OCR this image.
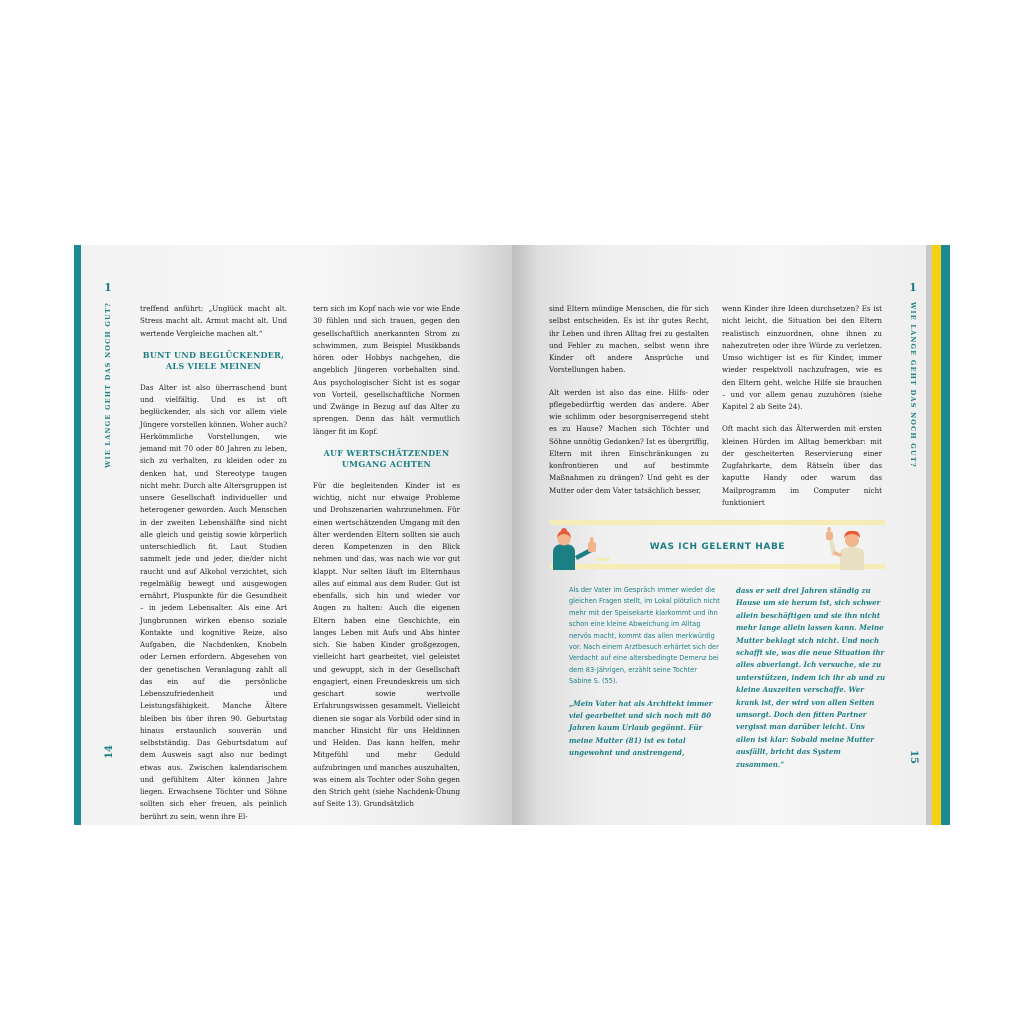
1
WIE LANGE GEHT DAS NOCH GUT?
14

treffend anführt: „Unglück macht alt. Stress macht alt. Armut macht alt. Und wertende Vergleiche machen alt.“

BUNT UND BEGLÜCKENDER, ALS VIELE MEINEN

Das Alter ist also überraschend bunt und vielfältig. Und es ist oft beglückender, als sich vor allem viele Jüngere vorstellen können. Woher auch? Herkömmliche Vorstellungen, wie jemand mit 70 oder 80 Jahren zu leben, sich zu verhalten, zu kleiden oder zu denken hat, und Stereotype taugen nicht mehr. Durch alte Altersgruppen ist unsere Gesellschaft individueller und heterogener geworden. Auch Menschen in der zweiten Lebenshälfte sind nicht alle gleich und geistig sowie körperlich unterschiedlich fit. Laut Studien sammelt jede und jeder, die/der nicht raucht und auf Alkohol verzichtet, sich regelmäßig bewegt und ausgewogen ernährt, Pluspunkte für die Gesundheit – in jedem Lebensalter. Als eine Art Jungbrunnen wirken ebenso soziale Kontakte und kognitive Reize, also Aufgaben, die Nachdenken, Knobeln oder Lernen erfordern. Abgesehen von der genetischen Veranlagung zahlt all das ein auf die persönliche Lebenszufriedenheit und Leistungsfähigkeit. Manche Ältere bleiben bis über ihren 90. Geburtstag hinaus erstaunlich souverän und selbstständig. Das Geburtsdatum auf dem Ausweis sagt also nur bedingt etwas aus. Zwischen kalendarischem und gefühltem Alter können Jahre liegen. Erwachsene Töchter und Söhne sollten sich eher freuen, als peinlich berührt zu sein, wenn ihre El-

tern sich im Kopf nach wie vor wie Ende 30 fühlen und sich trauen, gegen den gesellschaftlich anerkannten Strom zu schwimmen, zum Beispiel Musikbands hören oder Hobbys nachgehen, die angeblich Jüngeren vorbehalten sind. Aus psychologischer Sicht ist es sogar von Vorteil, gesellschaftliche Normen und Zwänge in Bezug auf das Alter zu sprengen. Denn das hält vermutlich länger fit im Kopf.

AUF WERTSCHÄTZENDEN UMGANG ACHTEN

Für die begleitenden Kinder ist es wichtig, nicht nur etwaige Probleme und Drohszenarien wahrzunehmen. Für einen wertschätzenden Umgang mit den älter werdenden Eltern sollten sie auch deren Kompetenzen in den Blick nehmen und das, was nach wie vor gut klappt. Nur selten läuft im Elternhaus alles auf einmal aus dem Ruder. Gut ist ebenfalls, sich hin und wieder vor Augen zu halten: Auch die eigenen Eltern haben eine Geschichte, ein langes Leben mit Aufs und Abs hinter sich. Sie haben Kinder großgezogen, vielleicht hart gearbeitet, viel geleistet und gewuppt, sich in der Gesellschaft engagiert, einen Freundeskreis um sich geschart sowie wertvolle Erfahrungswissen gesammelt. Vielleicht dienen sie sogar als Vorbild oder sind in mancher Hinsicht für uns Heldinnen und Helden. Das kann helfen, mehr Mitgefühl und mehr Geduld aufzubringen und manches auszuhalten, was einem als Tochter oder Sohn gegen den Strich geht (siehe Nachdenk-Übung auf Seite 13). Grundsätzlich

1
WIE LANGE GEHT DAS NOCH GUT?
15

sind Eltern mündige Menschen, die für sich selbst entscheiden. Es ist ihr gutes Recht, ihr Leben und ihren Alltag frei zu gestalten und Fehler zu machen, selbst wenn ihre Kinder oft andere Ansprüche und Vorstellungen haben.

Alt werden ist also das eine. Hilfs- oder pflegebedürftig werden das andere. Aber wie schlimm oder besorgniserregend steht es zu Hause? Machen sich Töchter und Söhne unnötig Gedanken? Ist es übergriffig, Eltern mit ihren Einschränkungen zu konfrontieren und auf bestimmte Maßnahmen zu drängen? Und geht es der Mutter oder dem Vater tatsächlich besser,

wenn Kinder ihre Ideen durchsetzen? Es ist nicht leicht, die Situation bei den Eltern realistisch einzuordnen, ohne ihnen zu nahezutreten oder ihre Würde zu verletzen. Umso wichtiger ist es für Kinder, immer wieder respektvoll nachzufragen, wie es den Eltern geht, welche Hilfe sie brauchen – und vor allem genau zuzuhören (siehe Kapitel 2 ab Seite 24).

Oft macht sich das Älterwerden mit ersten kleinen Hürden im Alltag bemerkbar: mit der gescheiterten Reservierung einer Zugfahrkarte, dem Rätseln über das kaputte Handy oder warum das Mailprogramm im Computer nicht funktioniert

WAS ICH GELERNT HABE

Als der Vater im Gespräch immer wieder die gleichen Fragen stellt, im Lokal plötzlich nicht mehr mit der Speisekarte klarkommt und ihn schon eine kleine Abweichung im Alltag nervös macht, kommt das allen merkwürdig vor. Nach einem Arztbesuch erhärtet sich der Verdacht auf eine altersbedingte Demenz bei dem 83-Jährigen, erzählt seine Tochter Sabine S. (55).

„Mein Vater hat als Architekt immer viel gearbeitet und sich noch mit 80 Jahren kaum Urlaub gegönnt. Für meine Mutter (81) ist es total ungewohnt und anstrengend,

dass er seit drei Jahren ständig zu Hause um sie herum ist, sich schwer allein beschäftigen und sie ihn nicht mehr lange allein lassen kann. Meine Mutter beklagt sich nicht. Und noch schafft sie, was die neue Situation ihr alles abverlangt. Ich versuche, sie zu unterstützen, indem ich ihr ab und zu kleine Auszeiten verschaffe. Wer krank ist, der wird von allen Seiten umsorgt. Doch den fitten Partner vergisst man darüber leicht. Uns allen ist klar: Sobald meine Mutter ausfällt, bricht das System zusammen.“
